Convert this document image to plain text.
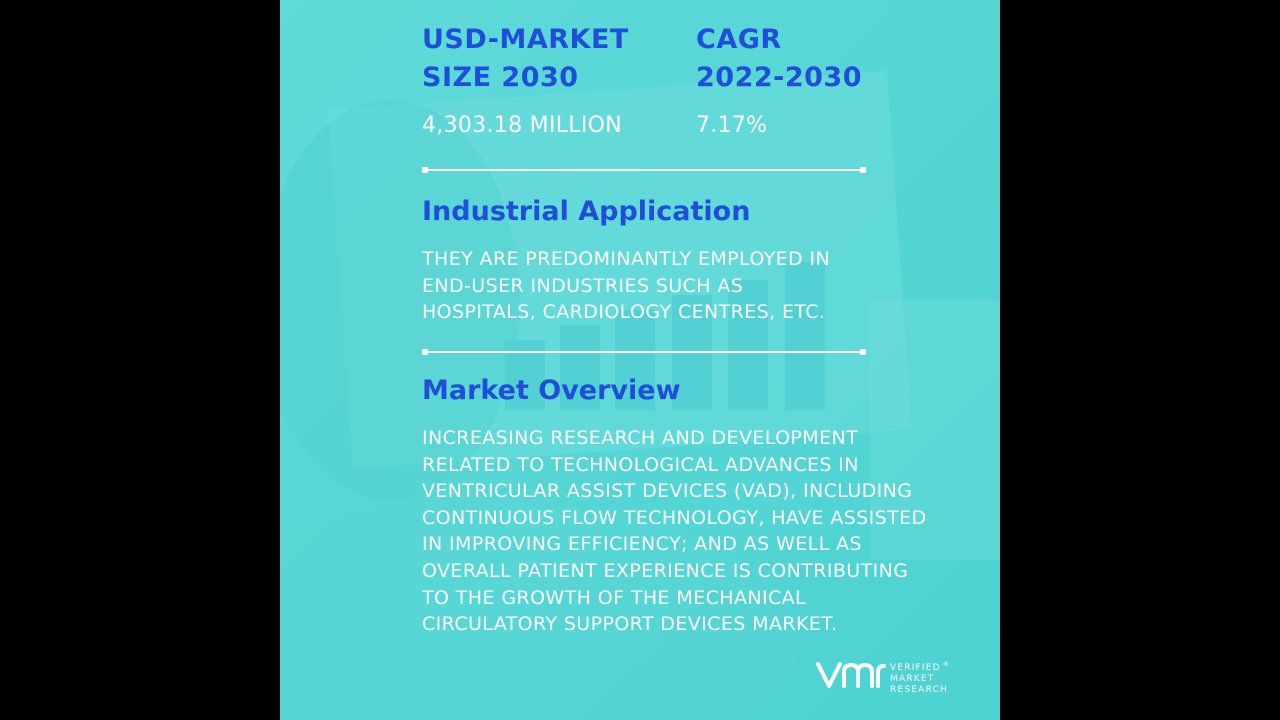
USD-MARKET
SIZE 2030
4,303.18 MILLION
CAGR
2022-2030
7.17%
Industrial Application

THEY ARE PREDOMINANTLY EMPLOYED IN END-USER INDUSTRIES SUCH AS HOSPITALS, CARDIOLOGY CENTRES, ETC.

Market Overview

INCREASING RESEARCH AND DEVELOPMENT RELATED TO TECHNOLOGICAL ADVANCES IN VENTRICULAR ASSIST DEVICES (VAD), INCLUDING CONTINUOUS FLOW TECHNOLOGY, HAVE ASSISTED IN IMPROVING EFFICIENCY; AND AS WELL AS OVERALL PATIENT EXPERIENCE IS CONTRIBUTING TO THE GROWTH OF THE MECHANICAL CIRCULATORY SUPPORT DEVICES MARKET.

VERIFIED ®
MARKET
RESEARCH
